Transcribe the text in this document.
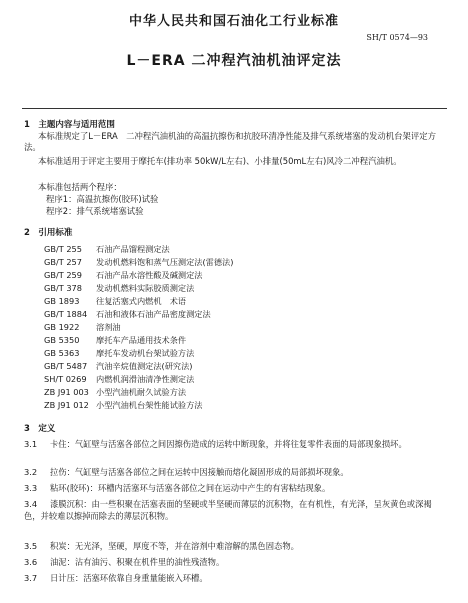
中华人民共和国石油化工行业标准
SH/T 0574—93
L－ERA 二冲程汽油机油评定法
1　主题内容与适用范围
本标准规定了L－ERA　二冲程汽油机油的高温抗擦伤和抗胶环清净性能及排气系统堵塞的发动机台架评定方法。
本标准适用于评定主要用于摩托车(排功率 50kW/L左右)、小排量(50mL左右)风冷二冲程汽油机。
本标准包括两个程序：
程序1：高温抗擦伤(胶环)试验
程序2：排气系统堵塞试验
2　引用标准
GB/T 255 石油产品馏程测定法
GB/T 257 发动机燃料饱和蒸气压测定法(雷德法)
GB/T 259 石油产品水溶性酸及碱测定法
GB/T 378 发动机燃料实际胶质测定法
GB 1893 往复活塞式内燃机　术语
GB/T 1884 石油和液体石油产品密度测定法
GB 1922 溶剂油
GB 5350 摩托车产品通用技术条件
GB 5363 摩托车发动机台架试验方法
GB/T 5487 汽油辛烷值测定法(研究法)
SH/T 0269 内燃机润滑油清净性测定法
ZB J91 003 小型汽油机耐久试验方法
ZB J91 012 小型汽油机台架性能试验方法
3　定义
3.1 卡住：气缸壁与活塞各部位之间因擦伤造成的运转中断现象，并将往复零件表面的局部现象损坏。
3.2 拉伤：气缸壁与活塞各部位之间在运转中因接触而熔化凝固形成的局部损坏现象。
3.3 粘环(胶环)：环槽内活塞环与活塞各部位之间在运动中产生的有害粘结现象。
3.4 漆膜沉积：由一些积聚在活塞表面的坚硬或半坚硬而薄层的沉积物，在有机性，有光泽，呈灰黄色或深褐色，并较难以擦掉而除去的薄层沉积物。
3.5 积炭：无光泽，坚硬，厚度不等，并在溶剂中难溶解的黑色固态物。
3.6 油泥：沾有油污、积聚在机件里的油性残渣物。
3.7 日计压：活塞环依靠自身重量能嵌入环槽。
